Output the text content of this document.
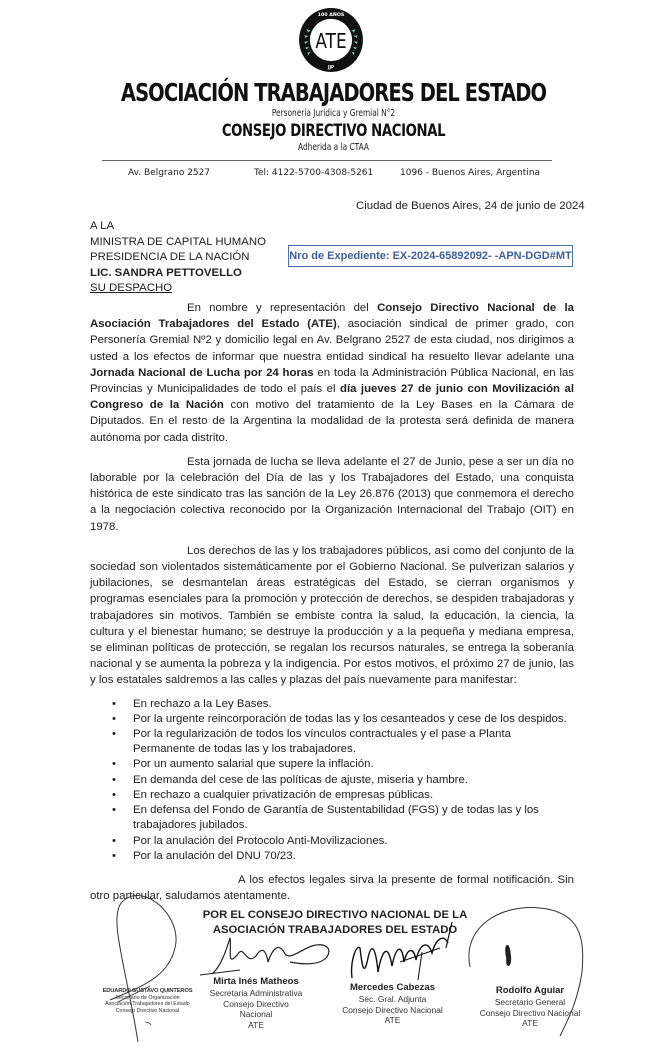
100 AÑOS
ATE
JJP
ASOCIACIÓN TRABAJADORES DEL ESTADO
Personería Jurídica y Gremial N°2
CONSEJO DIRECTIVO NACIONAL
Adherida a la CTAA
Av. Belgrano 2527	Tel: 4122-5700-4308-5261	1096 - Buenos Aires, Argentina
Ciudad de Buenos Aires, 24 de junio de 2024
A LA
MINISTRA DE CAPITAL HUMANO
PRESIDENCIA DE LA NACIÓN
LIC. SANDRA PETTOVELLO
SU DESPACHO
Nro de Expediente: EX-2024-65892092- -APN-DGD#MT

En nombre y representación del Consejo Directivo Nacional de la Asociación Trabajadores del Estado (ATE), asociación sindical de primer grado, con Personería Gremial Nº2 y domicilio legal en Av. Belgrano 2527 de esta ciudad, nos dirigimos a usted a los efectos de informar que nuestra entidad sindical ha resuelto llevar adelante una Jornada Nacional de Lucha por 24 horas en toda la Administración Pública Nacional, en las Provincias y Municipalidades de todo el país el día jueves 27 de junio con Movilización al Congreso de la Nación con motivo del tratamiento de la Ley Bases en la Cámara de Diputados. En el resto de la Argentina la modalidad de la protesta será definida de manera autónoma por cada distrito.

Esta jornada de lucha se lleva adelante el 27 de Junio, pese a ser un día no laborable por la celebración del Día de las y los Trabajadores del Estado, una conquista histórica de este sindicato tras las sanción de la Ley 26.876 (2013) que conmemora el derecho a la negociación colectiva reconocido por la Organización Internacional del Trabajo (OIT) en 1978.

Los derechos de las y los trabajadores públicos, así como del conjunto de la sociedad son violentados sistemáticamente por el Gobierno Nacional. Se pulverizan salarios y jubilaciones, se desmantelan áreas estratégicas del Estado, se cierran organismos y programas esenciales para la promoción y protección de derechos, se despiden trabajadoras y trabajadores sin motivos. También se embiste contra la salud, la educación, la ciencia, la cultura y el bienestar humano; se destruye la producción y a la pequeña y mediana empresa, se eliminan políticas de protección, se regalan los recursos naturales, se entrega la soberanía nacional y se aumenta la pobreza y la indigencia. Por estos motivos, el próximo 27 de junio, las y los estatales saldremos a las calles y plazas del país nuevamente para manifestar:

• En rechazo a la Ley Bases.
• Por la urgente reincorporación de todas las y los cesanteados y cese de los despidos.
• Por la regularización de todos los vínculos contractuales y el pase a Planta Permanente de todas las y los trabajadores.
• Por un aumento salarial que supere la inflación.
• En demanda del cese de las políticas de ajuste, miseria y hambre.
• En rechazo a cualquier privatización de empresas públicas.
• En defensa del Fondo de Garantía de Sustentabilidad (FGS) y de todas las y los trabajadores jubilados.
• Por la anulación del Protocolo Anti-Movilizaciones.
• Por la anulación del DNU 70/23.

A los efectos legales sirva la presente de formal notificación. Sin otro particular, saludamos atentamente.

POR EL CONSEJO DIRECTIVO NACIONAL DE LA
ASOCIACIÓN TRABAJADORES DEL ESTADO
EDUARDO GUSTAVO QUINTEROS
Secretario de Organización
Asociación Trabajadores del Estado
Consejo Directivo Nacional
Mirta Inés Matheos
Secretaria Administrativa
Consejo Directivo Nacional
ATE
Mercedes Cabezas
Sec. Gral. Adjunta
Consejo Directivo Nacional
ATE
Rodolfo Aguiar
Secretario General
Consejo Directivo Nacional
ATE
